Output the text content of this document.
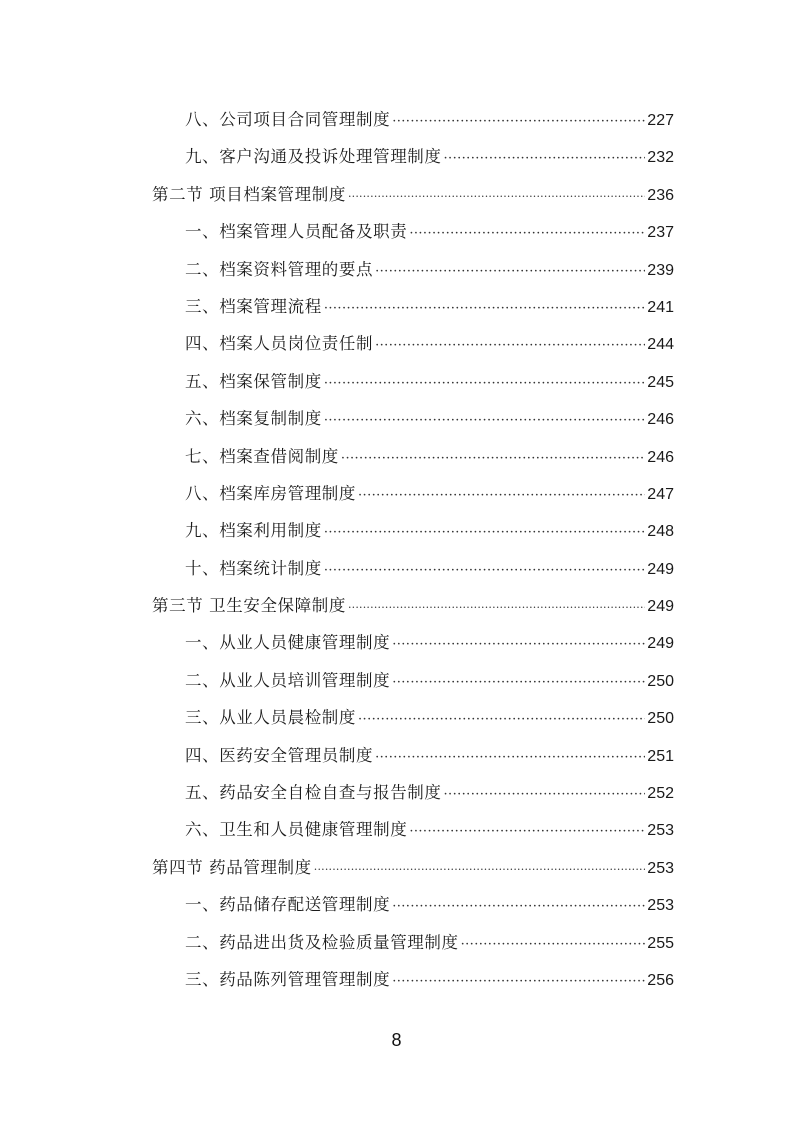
八、公司项目合同管理制度 ·····	227
九、客户沟通及投诉处理管理制度 ·····	232
第二节 项目档案管理制度 ·····	236
一、档案管理人员配备及职责 ·····	237
二、档案资料管理的要点 ·····	239
三、档案管理流程 ·····	241
四、档案人员岗位责任制 ·····	244
五、档案保管制度 ·····	245
六、档案复制制度 ·····	246
七、档案查借阅制度 ·····	246
八、档案库房管理制度 ·····	247
九、档案利用制度 ·····	248
十、档案统计制度 ·····	249
第三节 卫生安全保障制度 ·····	249
一、从业人员健康管理制度 ·····	249
二、从业人员培训管理制度 ·····	250
三、从业人员晨检制度 ·····	250
四、医药安全管理员制度 ·····	251
五、药品安全自检自查与报告制度 ·····	252
六、卫生和人员健康管理制度 ·····	253
第四节 药品管理制度 ·····	253
一、药品储存配送管理制度 ·····	253
二、药品进出货及检验质量管理制度 ·····	255
三、药品陈列管理管理制度 ·····	256
8
